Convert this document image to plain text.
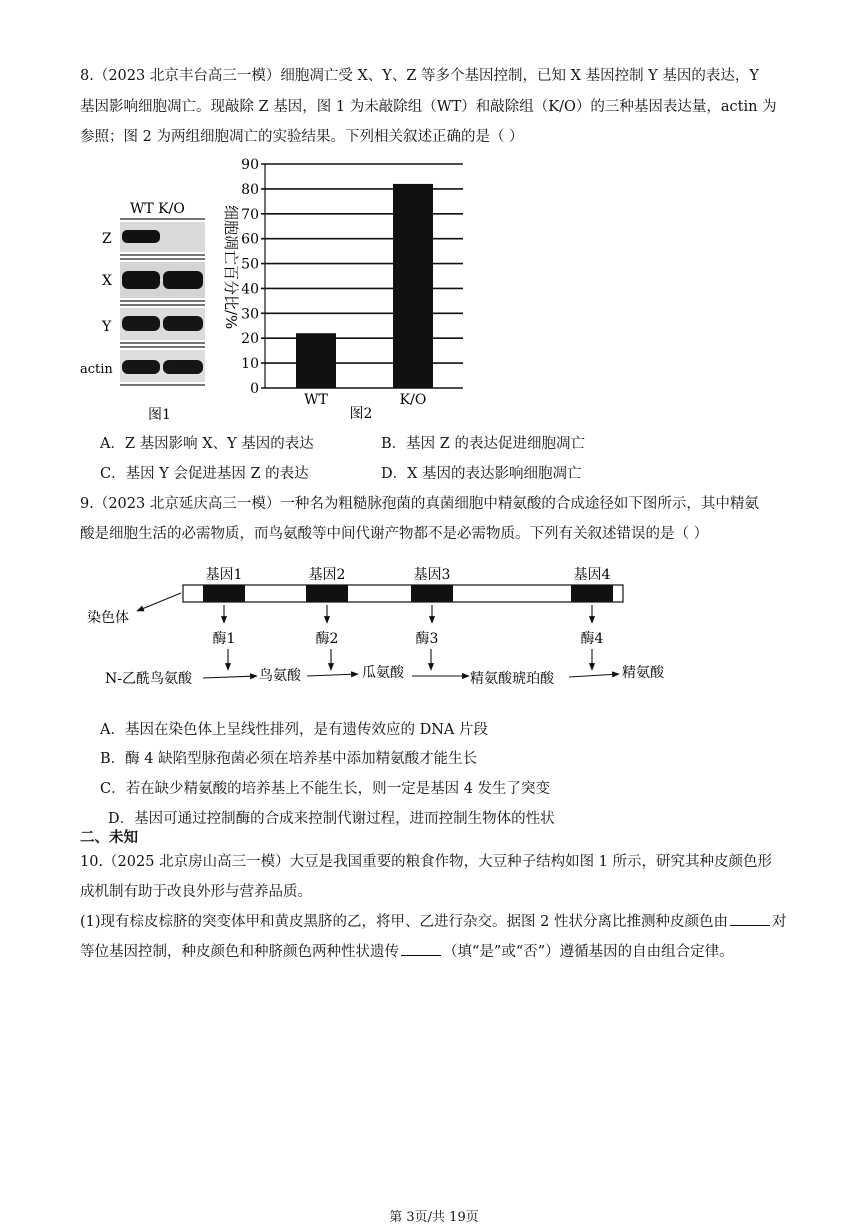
8.（2023 北京丰台高三一模）细胞凋亡受 X、Y、Z 等多个基因控制，已知 X 基因控制 Y 基因的表达，Y
基因影响细胞凋亡。现敲除 Z 基因，图 1 为未敲除组（WT）和敲除组（K/O）的三种基因表达量，actin 为
参照；图 2 为两组细胞凋亡的实验结果。下列相关叙述正确的是（ ）
WT K/O
Z
X
Y
actin
图1
0
10
20
30
40
50
60
70
80
90
细胞凋亡百分比/%
WT	K/O
图2
A．Z 基因影响 X、Y 基因的表达	B．基因 Z 的表达促进细胞凋亡
C．基因 Y 会促进基因 Z 的表达	D．X 基因的表达影响细胞凋亡
9.（2023 北京延庆高三一模）一种名为粗糙脉孢菌的真菌细胞中精氨酸的合成途径如下图所示，其中精氨
酸是细胞生活的必需物质，而鸟氨酸等中间代谢产物都不是必需物质。下列有关叙述错误的是（ ）
基因1	基因2	基因3	基因4
染色体
酶1	酶2	酶3	酶4
N-乙酰鸟氨酸	鸟氨酸	瓜氨酸	精氨酸琥珀酸	精氨酸
A．基因在染色体上呈线性排列，是有遗传效应的 DNA 片段
B．酶 4 缺陷型脉孢菌必须在培养基中添加精氨酸才能生长
C．若在缺少精氨酸的培养基上不能生长，则一定是基因 4 发生了突变
D．基因可通过控制酶的合成来控制代谢过程，进而控制生物体的性状
二、未知
10.（2025 北京房山高三一模）大豆是我国重要的粮食作物，大豆种子结构如图 1 所示，研究其种皮颜色形
成机制有助于改良外形与营养品质。
(1)现有棕皮棕脐的突变体甲和黄皮黑脐的乙，将甲、乙进行杂交。据图 2 性状分离比推测种皮颜色由	对
等位基因控制，种皮颜色和种脐颜色两种性状遗传	（填“是”或“否”）遵循基因的自由组合定律。
第 3页/共 19页
